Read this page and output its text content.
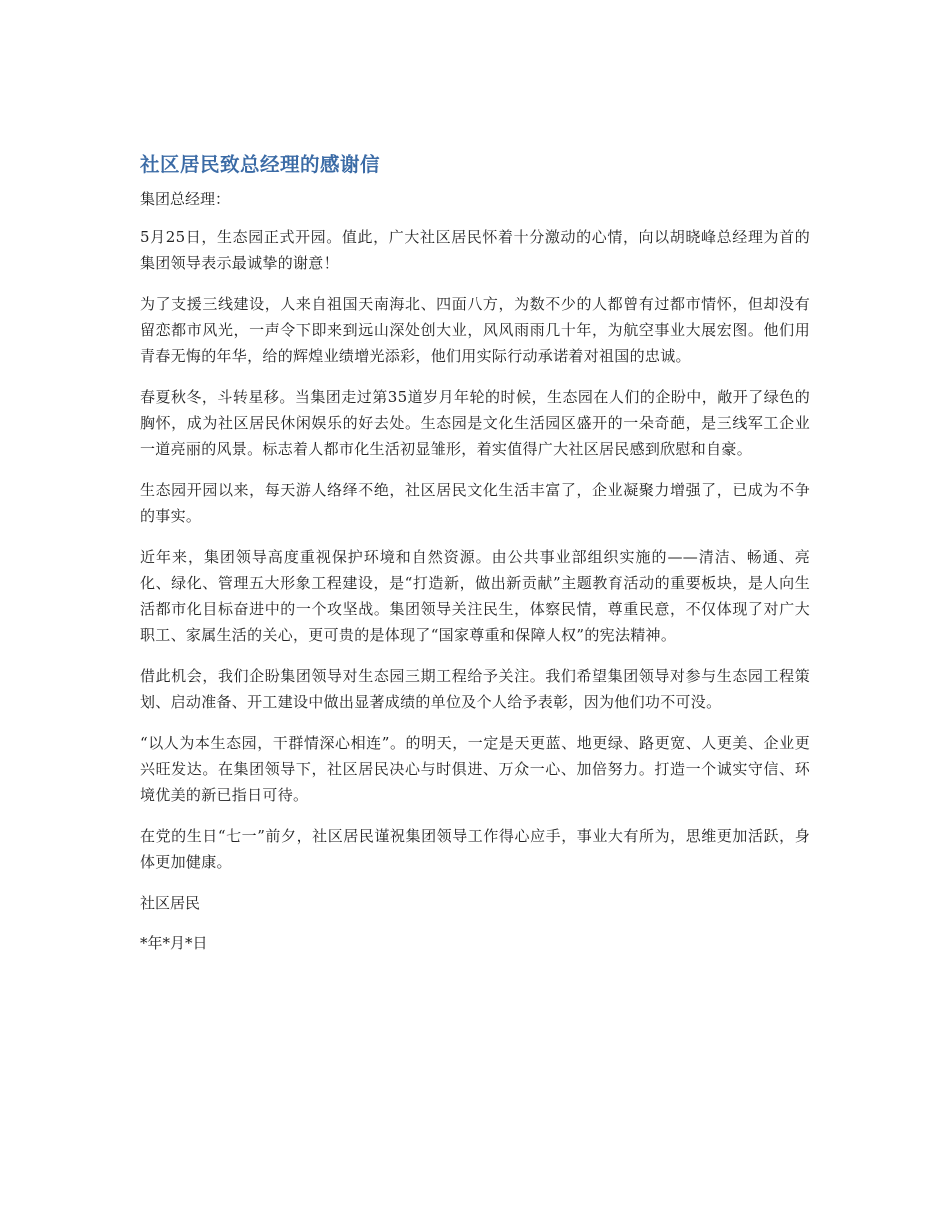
社区居民致总经理的感谢信

集团总经理：

5月25日，生态园正式开园。值此，广大社区居民怀着十分激动的心情，向以胡晓峰总经理为首的集团领导表示最诚挚的谢意！

为了支援三线建设，人来自祖国天南海北、四面八方，为数不少的人都曾有过都市情怀，但却没有留恋都市风光，一声令下即来到远山深处创大业，风风雨雨几十年，为航空事业大展宏图。他们用青春无悔的年华，给的辉煌业绩增光添彩，他们用实际行动承诺着对祖国的忠诚。

春夏秋冬，斗转星移。当集团走过第35道岁月年轮的时候，生态园在人们的企盼中，敞开了绿色的胸怀，成为社区居民休闲娱乐的好去处。生态园是文化生活园区盛开的一朵奇葩，是三线军工企业一道亮丽的风景。标志着人都市化生活初显雏形，着实值得广大社区居民感到欣慰和自豪。

生态园开园以来，每天游人络绎不绝，社区居民文化生活丰富了，企业凝聚力增强了，已成为不争的事实。

近年来，集团领导高度重视保护环境和自然资源。由公共事业部组织实施的——清洁、畅通、亮化、绿化、管理五大形象工程建设，是“打造新，做出新贡献”主题教育活动的重要板块，是人向生活都市化目标奋进中的一个攻坚战。集团领导关注民生，体察民情，尊重民意，不仅体现了对广大职工、家属生活的关心，更可贵的是体现了“国家尊重和保障人权”的宪法精神。

借此机会，我们企盼集团领导对生态园三期工程给予关注。我们希望集团领导对参与生态园工程策划、启动准备、开工建设中做出显著成绩的单位及个人给予表彰，因为他们功不可没。

“以人为本生态园，干群情深心相连”。的明天，一定是天更蓝、地更绿、路更宽、人更美、企业更兴旺发达。在集团领导下，社区居民决心与时俱进、万众一心、加倍努力。打造一个诚实守信、环境优美的新已指日可待。

在党的生日“七一”前夕，社区居民谨祝集团领导工作得心应手，事业大有所为，思维更加活跃，身体更加健康。

社区居民

*年*月*日
